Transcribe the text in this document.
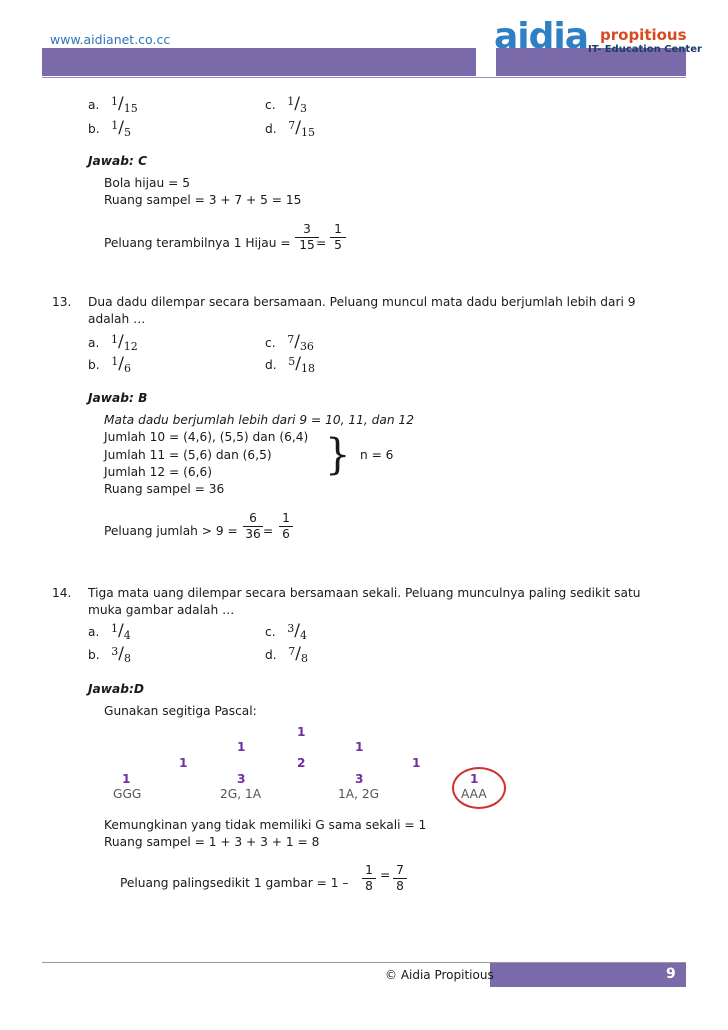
www.aidianet.co.cc	aidia propitious
IT- Education Center
a. $^1/_{15}$
b. $^1/_5$
c. $^1/_3$
d. $^7/_{15}$
Jawab: C
Bola hijau = 5
Ruang sampel = 3 + 7 + 5 = 15
Peluang terambilnya 1 Hijau = $\frac{3}{15}$
= $\frac{1}{5}$
13. Dua dadu dilempar secara bersamaan. Peluang muncul mata dadu berjumlah lebih dari 9
adalah …
a. $^1/_{12}$
b. $^1/_6$
c. $^7/_{36}$
d. $^5/_{18}$
Jawab: B
Mata dadu berjumlah lebih dari 9 = 10, 11, dan 12
Jumlah 10 = (4,6), (5,5) dan (6,4)
Jumlah 11 = (5,6) dan (6,5) } n = 6
Jumlah 12 = (6,6)
Ruang sampel = 36
Peluang jumlah > $9 = \frac{6}{36} = \frac{1}{6}$
14. Tiga mata uang dilempar secara bersamaan sekali. Peluang munculnya paling sedikit satu
muka gambar adalah …
a. $^1/_4$
b. $^3/_8$
c. $^3/_4$
d. $^7/_8$
Jawab:D
Gunakan segitiga Pascal:
1
1	1
1	2	1
1	3	3	1
GGG	2G, 1A	1A, 2G	AAA
Kemungkinan yang tidak memiliki G sama sekali = 1
Ruang sampel = 1 + 3 + 3 + 1 = 8
Peluang palingsedikit 1 gambar = $1 - \frac{1}{8} = \frac{7}{8}$
© Aidia Propitious	9
